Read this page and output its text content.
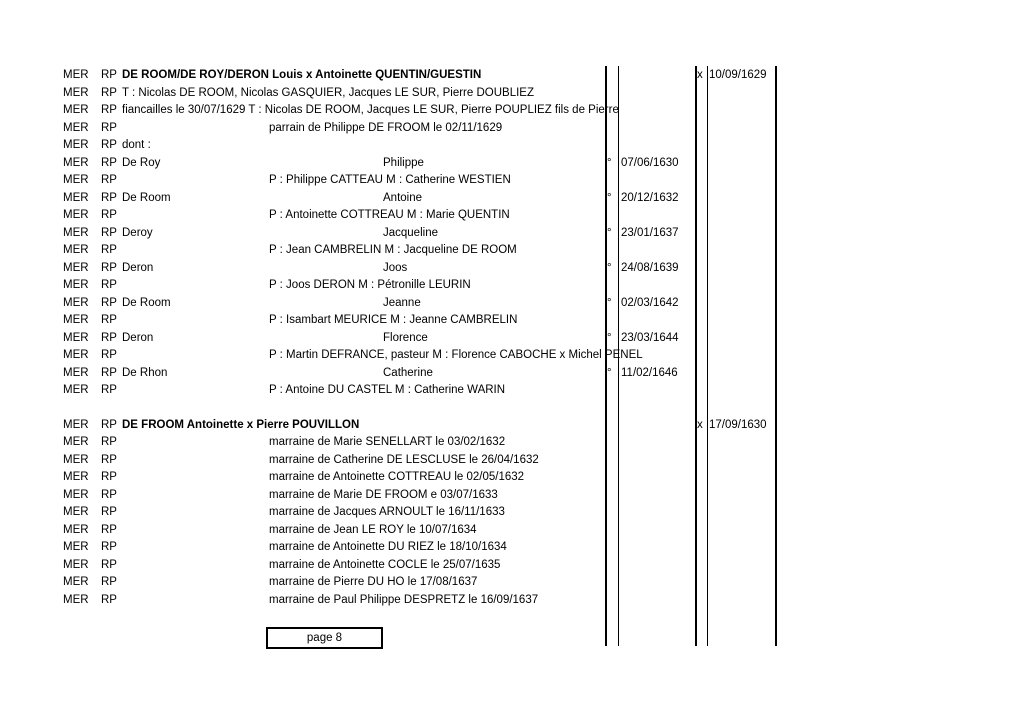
MER RP DE ROOM/DE ROY/DERON Louis x Antoinette QUENTIN/GUESTIN	x 10/09/1629
MER RP T : Nicolas DE ROOM, Nicolas GASQUIER, Jacques LE SUR, Pierre DOUBLIEZ
MER RP fiancailles le 30/07/1629 T : Nicolas DE ROOM, Jacques LE SUR, Pierre POUPLIEZ fils de Pierre
MER RP	parrain de Philippe DE FROOM le 02/11/1629
MER RP dont :
MER RP De Roy	Philippe	° 07/06/1630
MER RP	P : Philippe CATTEAU M : Catherine WESTIEN
MER RP De Room	Antoine	° 20/12/1632
MER RP	P : Antoinette COTTREAU M : Marie QUENTIN
MER RP Deroy	Jacqueline	° 23/01/1637
MER RP	P : Jean CAMBRELIN M : Jacqueline DE ROOM
MER RP Deron	Joos	° 24/08/1639
MER RP	P : Joos DERON M : Pétronille LEURIN
MER RP De Room	Jeanne	° 02/03/1642
MER RP	P : Isambart MEURICE M : Jeanne CAMBRELIN
MER RP Deron	Florence	° 23/03/1644
MER RP	P : Martin DEFRANCE, pasteur M : Florence CABOCHE x Michel PENEL
MER RP De Rhon	Catherine	° 11/02/1646
MER RP	P : Antoine DU CASTEL M : Catherine WARIN
MER RP DE FROOM Antoinette x Pierre POUVILLON	x 17/09/1630
MER RP	marraine de Marie SENELLART le 03/02/1632
MER RP	marraine de Catherine DE LESCLUSE le 26/04/1632
MER RP	marraine de Antoinette COTTREAU le 02/05/1632
MER RP	marraine de Marie DE FROOM e 03/07/1633
MER RP	marraine de Jacques ARNOULT le 16/11/1633
MER RP	marraine de Jean LE ROY le 10/07/1634
MER RP	marraine de Antoinette DU RIEZ le 18/10/1634
MER RP	marraine de Antoinette COCLE le 25/07/1635
MER RP	marraine de Pierre DU HO le 17/08/1637
MER RP	marraine de Paul Philippe DESPRETZ le 16/09/1637
page 8
